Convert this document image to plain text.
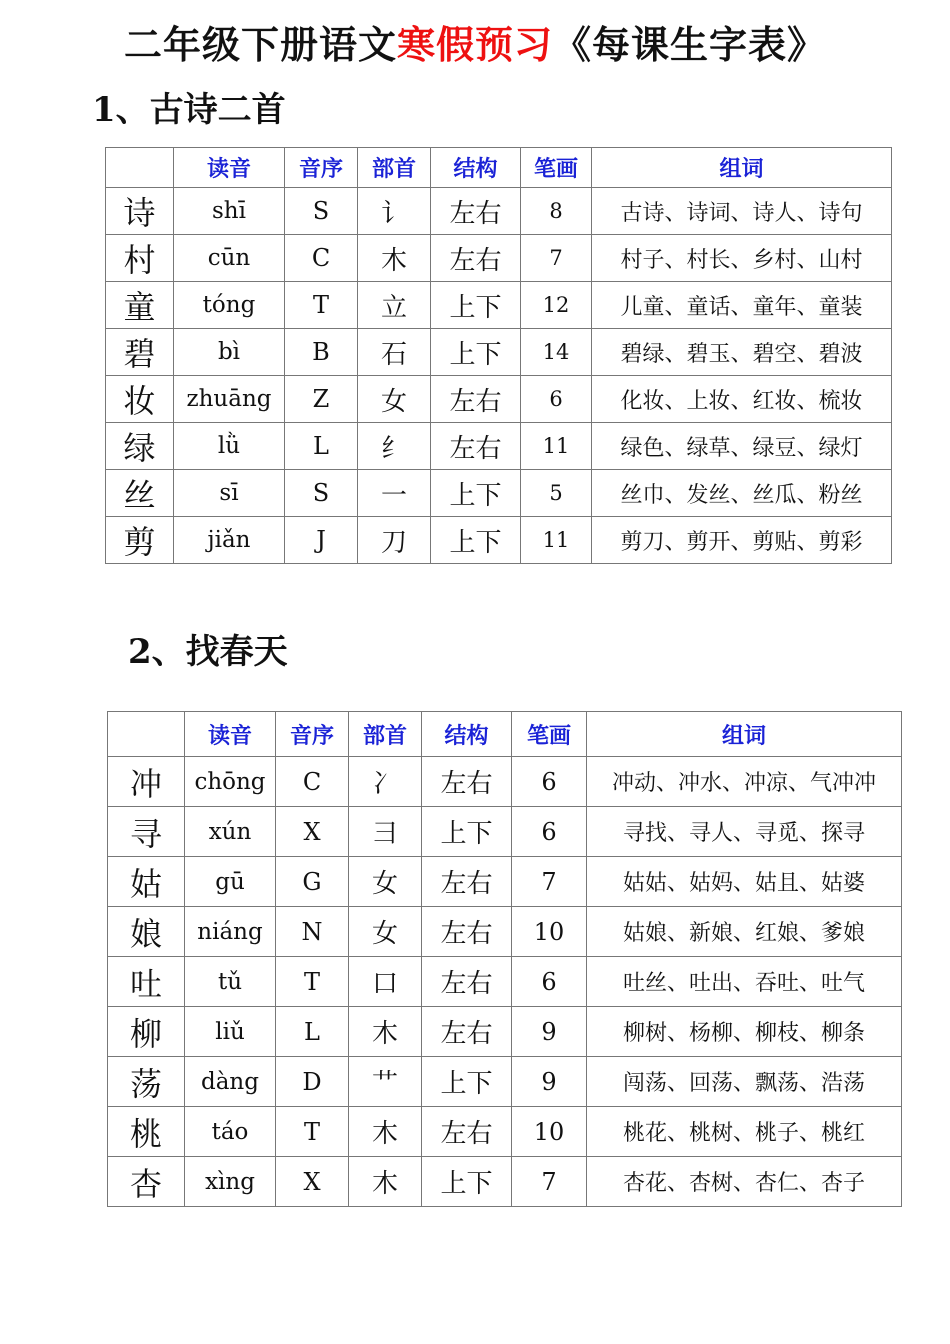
二年级下册语文寒假预习《每课生字表》
1、古诗二首
	读音	音序	部首	结构	笔画	组词
诗	shī	S	讠	左右	8	古诗、诗词、诗人、诗句
村	cūn	C	木	左右	7	村子、村长、乡村、山村
童	tóng	T	立	上下	12	儿童、童话、童年、童装
碧	bì	B	石	上下	14	碧绿、碧玉、碧空、碧波
妆	zhuāng	Z	女	左右	6	化妆、上妆、红妆、梳妆
绿	lǜ	L	纟	左右	11	绿色、绿草、绿豆、绿灯
丝	sī	S	一	上下	5	丝巾、发丝、丝瓜、粉丝
剪	jiǎn	J	刀	上下	11	剪刀、剪开、剪贴、剪彩
2、找春天
	读音	音序	部首	结构	笔画	组词
冲	chōng	C	冫	左右	6	冲动、冲水、冲凉、气冲冲
寻	xún	X	彐	上下	6	寻找、寻人、寻觅、探寻
姑	gū	G	女	左右	7	姑姑、姑妈、姑且、姑婆
娘	niáng	N	女	左右	10	姑娘、新娘、红娘、爹娘
吐	tǔ	T	口	左右	6	吐丝、吐出、吞吐、吐气
柳	liǔ	L	木	左右	9	柳树、杨柳、柳枝、柳条
荡	dàng	D	艹	上下	9	闯荡、回荡、飘荡、浩荡
桃	táo	T	木	左右	10	桃花、桃树、桃子、桃红
杏	xìng	X	木	上下	7	杏花、杏树、杏仁、杏子
